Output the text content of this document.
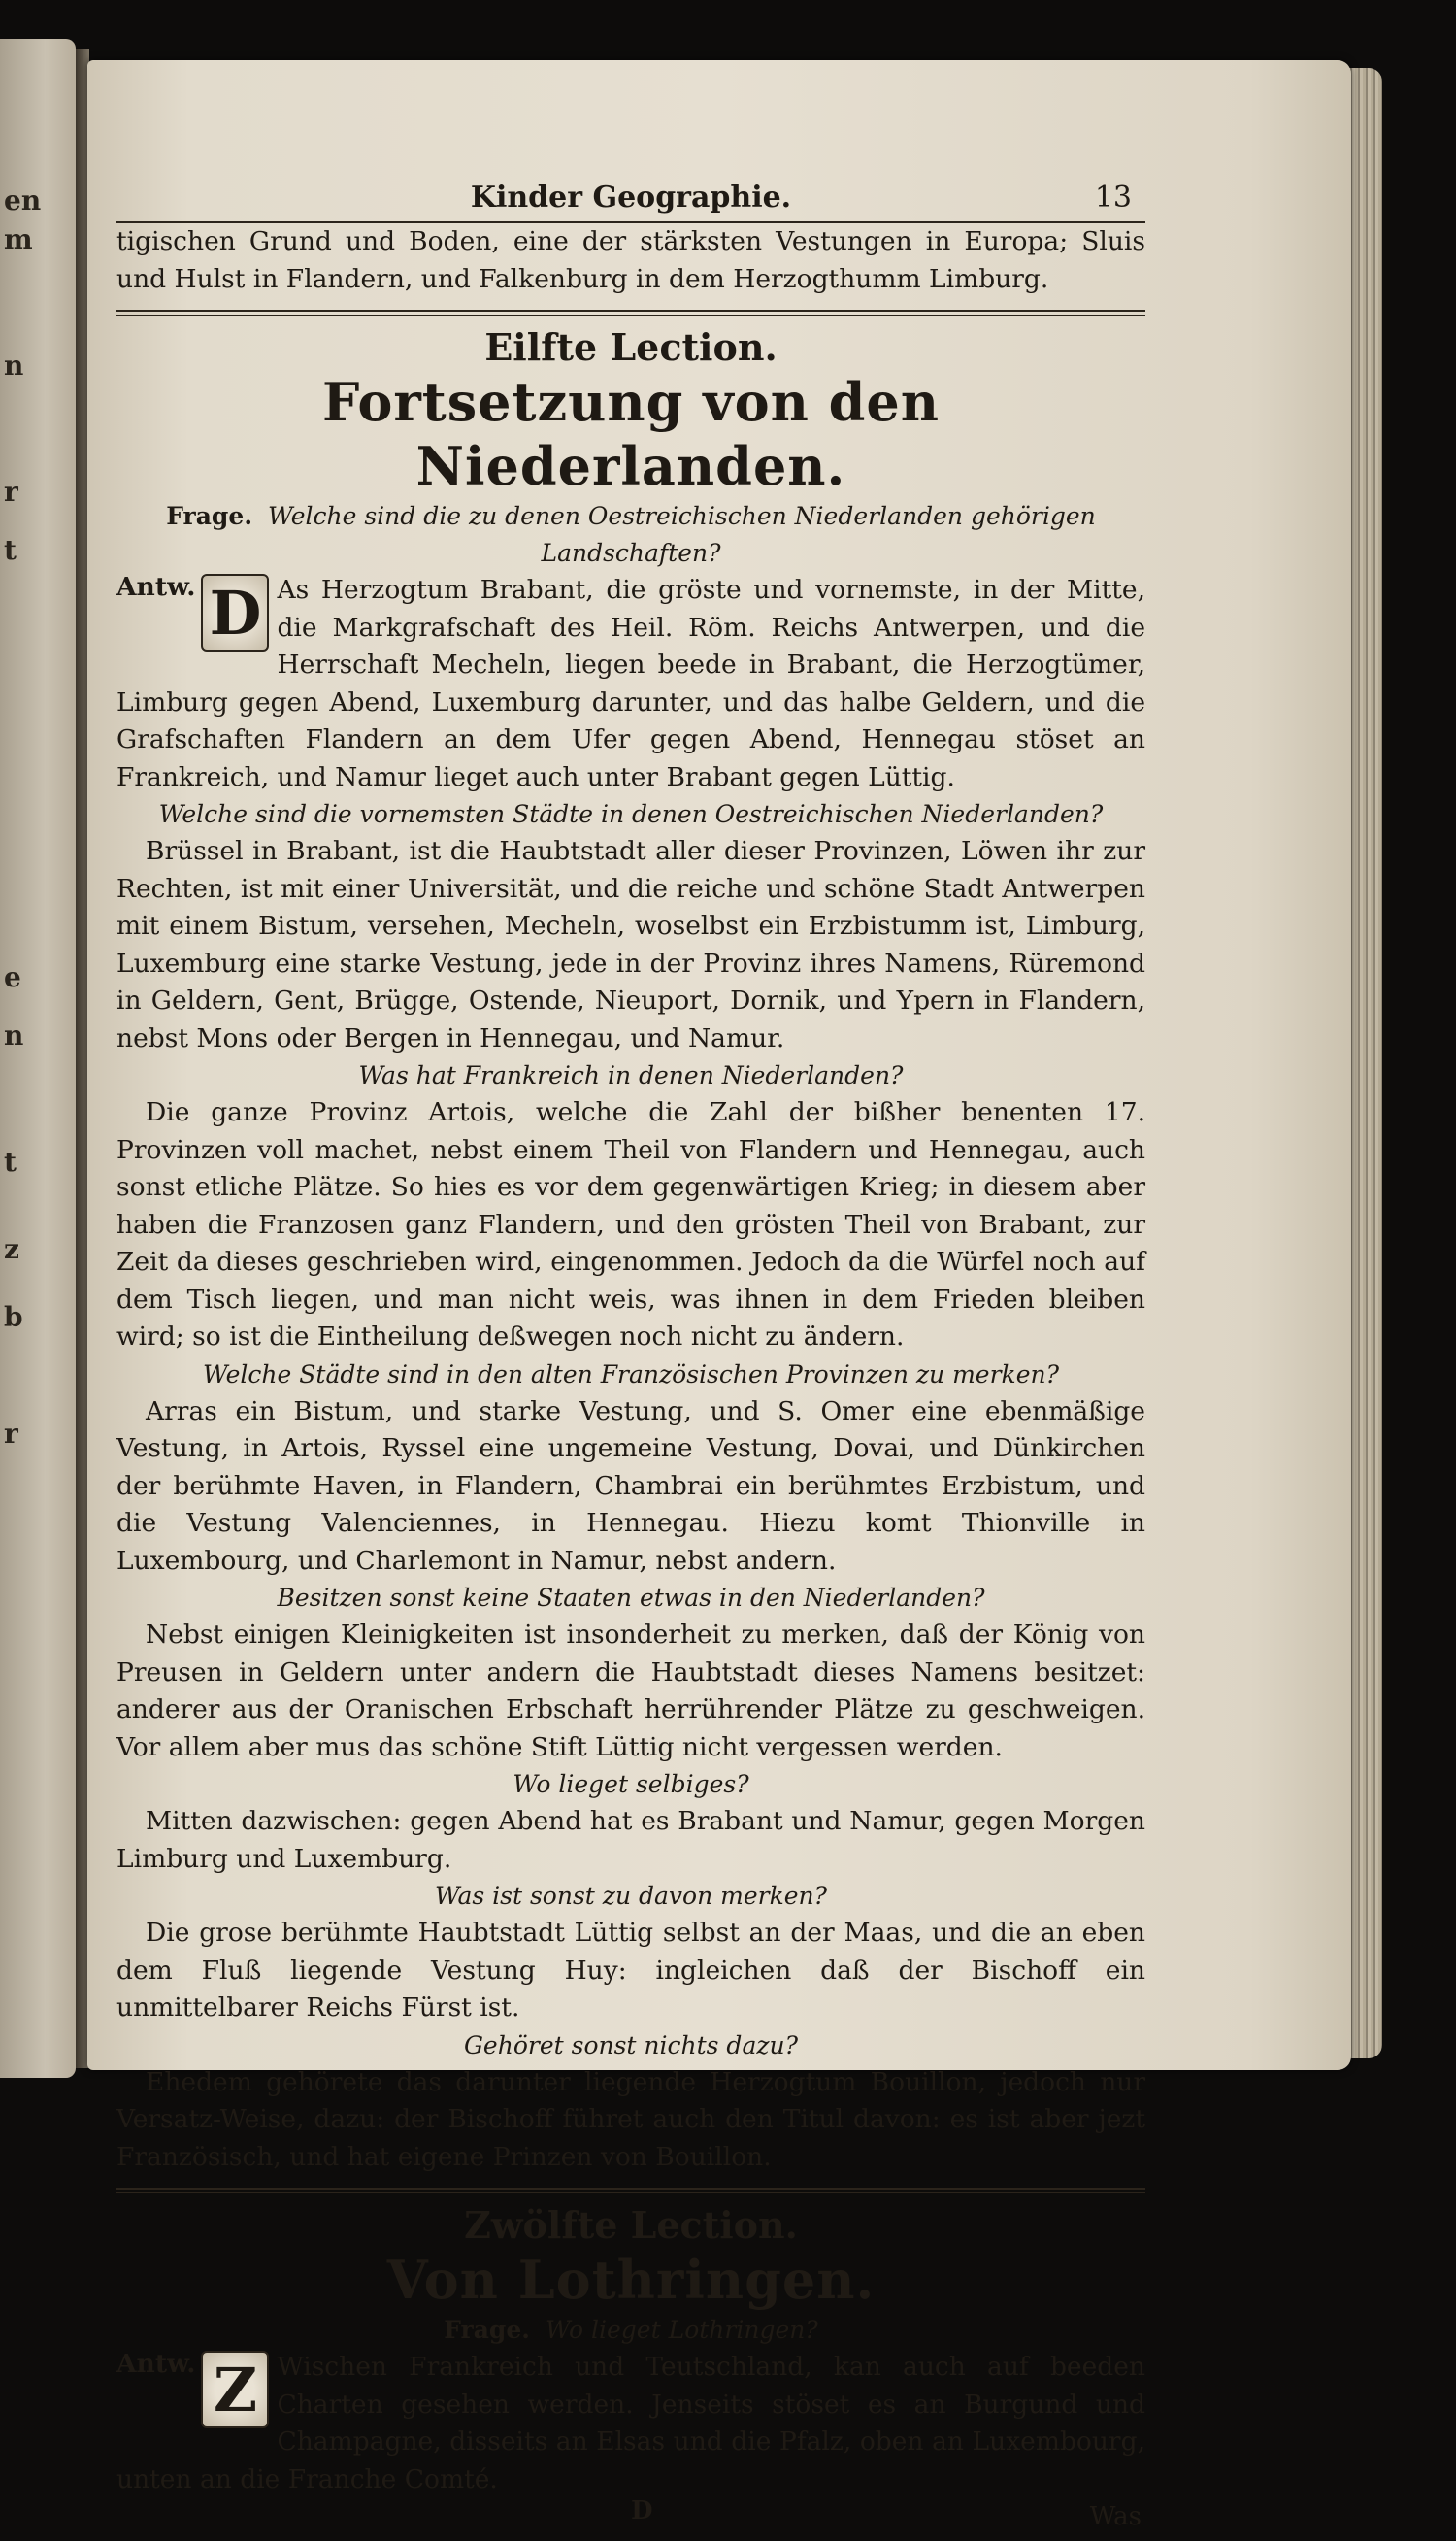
en
m
n
r
t
e
n
t
z
b
r
Kinder Geographie.	13

tigischen Grund und Boden, eine der stärksten Vestungen in Europa; Sluis und Hulst in Flandern, und Falkenburg in dem Herzogthumm Limburg.

Eilfte Lection.
Fortsetzung von den Niederlanden.
Frage. Welche sind die zu denen Oestreichischen Niederlanden gehörigen Landschaften?
Antw. D As Herzogtum Brabant, die gröste und vornemste, in der Mitte, die Markgrafschaft des Heil. Röm. Reichs Antwerpen, und die Herrschaft Mecheln, liegen beede in Brabant, die Herzogtümer, Limburg gegen Abend, Luxemburg darunter, und das halbe Geldern, und die Grafschaften Flandern an dem Ufer gegen Abend, Hennegau stöset an Frankreich, und Namur lieget auch unter Brabant gegen Lüttig.

Welche sind die vornemsten Städte in denen Oestreichischen Niederlanden?

Brüssel in Brabant, ist die Haubtstadt aller dieser Provinzen, Löwen ihr zur Rechten, ist mit einer Universität, und die reiche und schöne Stadt Antwerpen mit einem Bistum, versehen, Mecheln, woselbst ein Erzbistumm ist, Limburg, Luxemburg eine starke Vestung, jede in der Provinz ihres Namens, Rüremond in Geldern, Gent, Brügge, Ostende, Nieuport, Dornik, und Ypern in Flandern, nebst Mons oder Bergen in Hennegau, und Namur.

Was hat Frankreich in denen Niederlanden?

Die ganze Provinz Artois, welche die Zahl der bißher benenten 17. Provinzen voll machet, nebst einem Theil von Flandern und Hennegau, auch sonst etliche Plätze. So hies es vor dem gegenwärtigen Krieg; in diesem aber haben die Franzosen ganz Flandern, und den grösten Theil von Brabant, zur Zeit da dieses geschrieben wird, eingenommen. Jedoch da die Würfel noch auf dem Tisch liegen, und man nicht weis, was ihnen in dem Frieden bleiben wird; so ist die Eintheilung deßwegen noch nicht zu ändern.

Welche Städte sind in den alten Französischen Provinzen zu merken?

Arras ein Bistum, und starke Vestung, und S. Omer eine ebenmäßige Vestung, in Artois, Ryssel eine ungemeine Vestung, Dovai, und Dünkirchen der berühmte Haven, in Flandern, Chambrai ein berühmtes Erzbistum, und die Vestung Valenciennes, in Hennegau. Hiezu komt Thionville in Luxembourg, und Charlemont in Namur, nebst andern.

Besitzen sonst keine Staaten etwas in den Niederlanden?

Nebst einigen Kleinigkeiten ist insonderheit zu merken, daß der König von Preusen in Geldern unter andern die Haubtstadt dieses Namens besitzet: anderer aus der Oranischen Erbschaft herrührender Plätze zu geschweigen. Vor allem aber mus das schöne Stift Lüttig nicht vergessen werden.

Wo lieget selbiges?

Mitten dazwischen: gegen Abend hat es Brabant und Namur, gegen Morgen Limburg und Luxemburg.

Was ist sonst zu davon merken?

Die grose berühmte Haubtstadt Lüttig selbst an der Maas, und die an eben dem Fluß liegende Vestung Huy: ingleichen daß der Bischoff ein unmittelbarer Reichs Fürst ist.

Gehöret sonst nichts dazu?

Ehedem gehörete das darunter liegende Herzogtum Bouillon, jedoch nur Versatz-Weise, dazu: der Bischoff führet auch den Titul davon: es ist aber jezt Französisch, und hat eigene Prinzen von Bouillon.

Zwölfte Lection.
Von Lothringen.
Frage. Wo lieget Lothringen?
Antw. Z Wischen Frankreich und Teutschland, kan auch auf beeden Charten gesehen werden. Jenseits stöset es an Burgund und Champagne, disseits an Elsas und die Pfalz, oben an Luxembourg, unten an die Franche Comté.

D	Was
